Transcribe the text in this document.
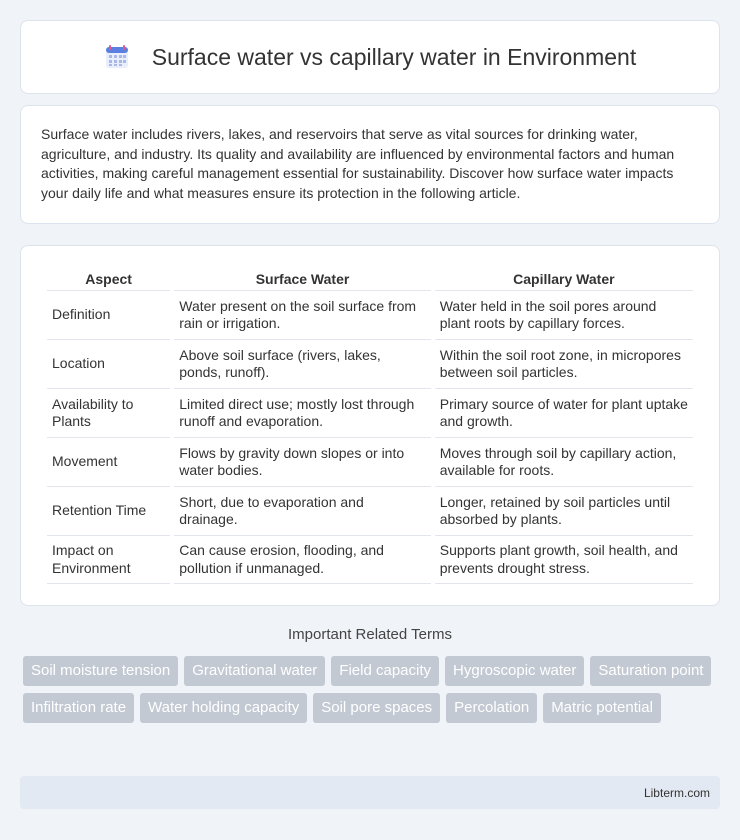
Surface water vs capillary water in Environment

Surface water includes rivers, lakes, and reservoirs that serve as vital sources for drinking water, agriculture, and industry. Its quality and availability are influenced by environmental factors and human activities, making careful management essential for sustainability. Discover how surface water impacts your daily life and what measures ensure its protection in the following article.

Aspect	Surface Water	Capillary Water
Definition	Water present on the soil surface from rain or irrigation.	Water held in the soil pores around plant roots by capillary forces.
Location	Above soil surface (rivers, lakes, ponds, runoff).	Within the soil root zone, in micropores between soil particles.
Availability to Plants	Limited direct use; mostly lost through runoff and evaporation.	Primary source of water for plant uptake and growth.
Movement	Flows by gravity down slopes or into water bodies.	Moves through soil by capillary action, available for roots.
Retention Time	Short, due to evaporation and drainage.	Longer, retained by soil particles until absorbed by plants.
Impact on Environment	Can cause erosion, flooding, and pollution if unmanaged.	Supports plant growth, soil health, and prevents drought stress.
Important Related Terms
Soil moisture tension	Gravitational water	Field capacity	Hygroscopic water	Saturation point
Infiltration rate	Water holding capacity	Soil pore spaces	Percolation	Matric potential
Libterm.com
